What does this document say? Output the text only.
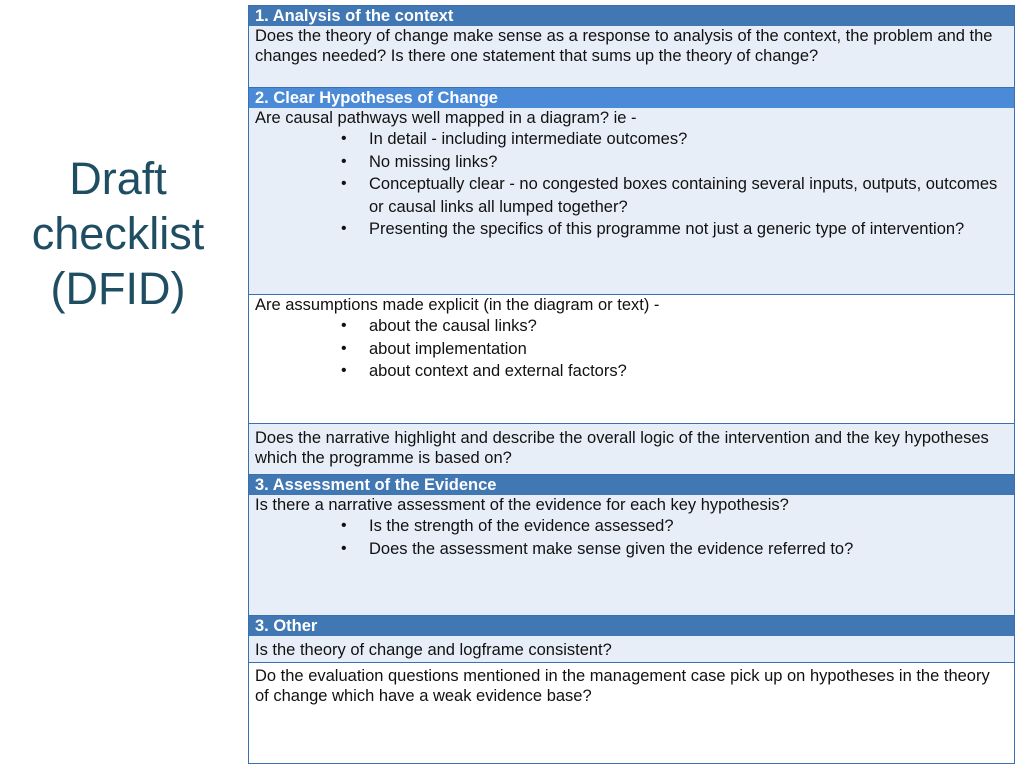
Draft
checklist
(DFID)
1. Analysis of the context
Does the theory of change make sense as a response to analysis of the context, the problem and the changes needed? Is there one statement that sums up the theory of change?
2. Clear Hypotheses of Change
Are causal pathways well mapped in a diagram? ie -
• In detail - including intermediate outcomes?
• No missing links?
• Conceptually clear - no congested boxes containing several inputs, outputs, outcomes or causal links all lumped together?
• Presenting the specifics of this programme not just a generic type of intervention?
Are assumptions made explicit (in the diagram or text) -
• about the causal links?
• about implementation
• about context and external factors?
Does the narrative highlight and describe the overall logic of the intervention and the key hypotheses which the programme is based on?
3. Assessment of the Evidence
Is there a narrative assessment of the evidence for each key hypothesis?
• Is the strength of the evidence assessed?
• Does the assessment make sense given the evidence referred to?
3. Other
Is the theory of change and logframe consistent?
Do the evaluation questions mentioned in the management case pick up on hypotheses in the theory of change which have a weak evidence base?
